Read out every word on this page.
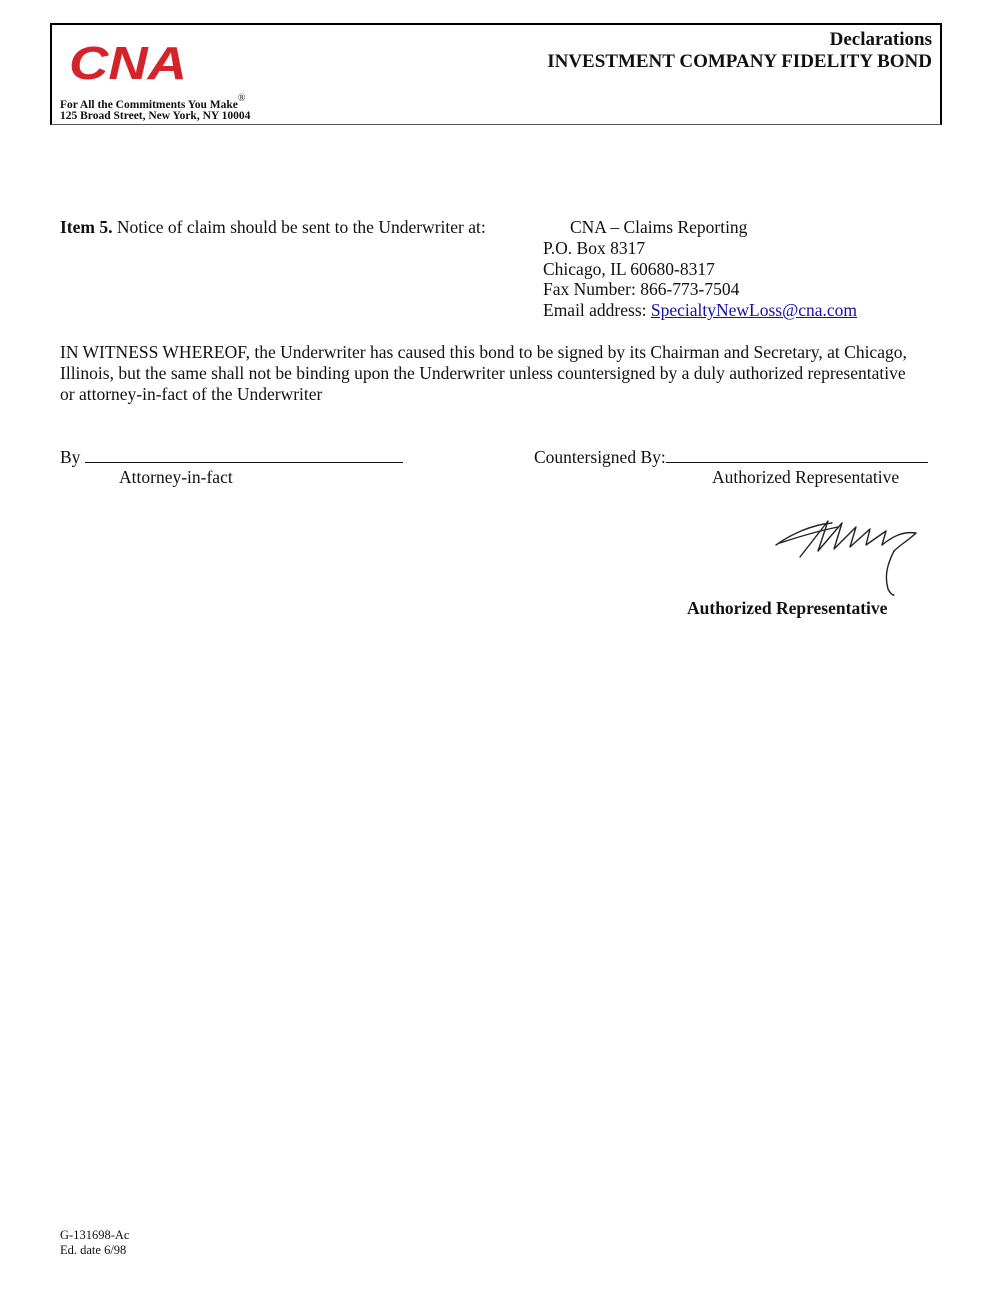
CNA
For All the Commitments You Make®
125 Broad Street, New York, NY 10004
Declarations
INVESTMENT COMPANY FIDELITY BOND
Item 5. Notice of claim should be sent to the Underwriter at:	CNA – Claims Reporting
P.O. Box 8317
Chicago, IL 60680-8317
Fax Number: 866-773-7504
Email address: SpecialtyNewLoss@cna.com
IN WITNESS WHEREOF, the Underwriter has caused this bond to be signed by its Chairman and Secretary, at Chicago,
Illinois, but the same shall not be binding upon the Underwriter unless countersigned by a duly authorized representative
or attorney-in-fact of the Underwriter
By
Attorney-in-fact
Countersigned By:
Authorized Representative
Authorized Representative
G-131698-Ac
Ed. date 6/98
